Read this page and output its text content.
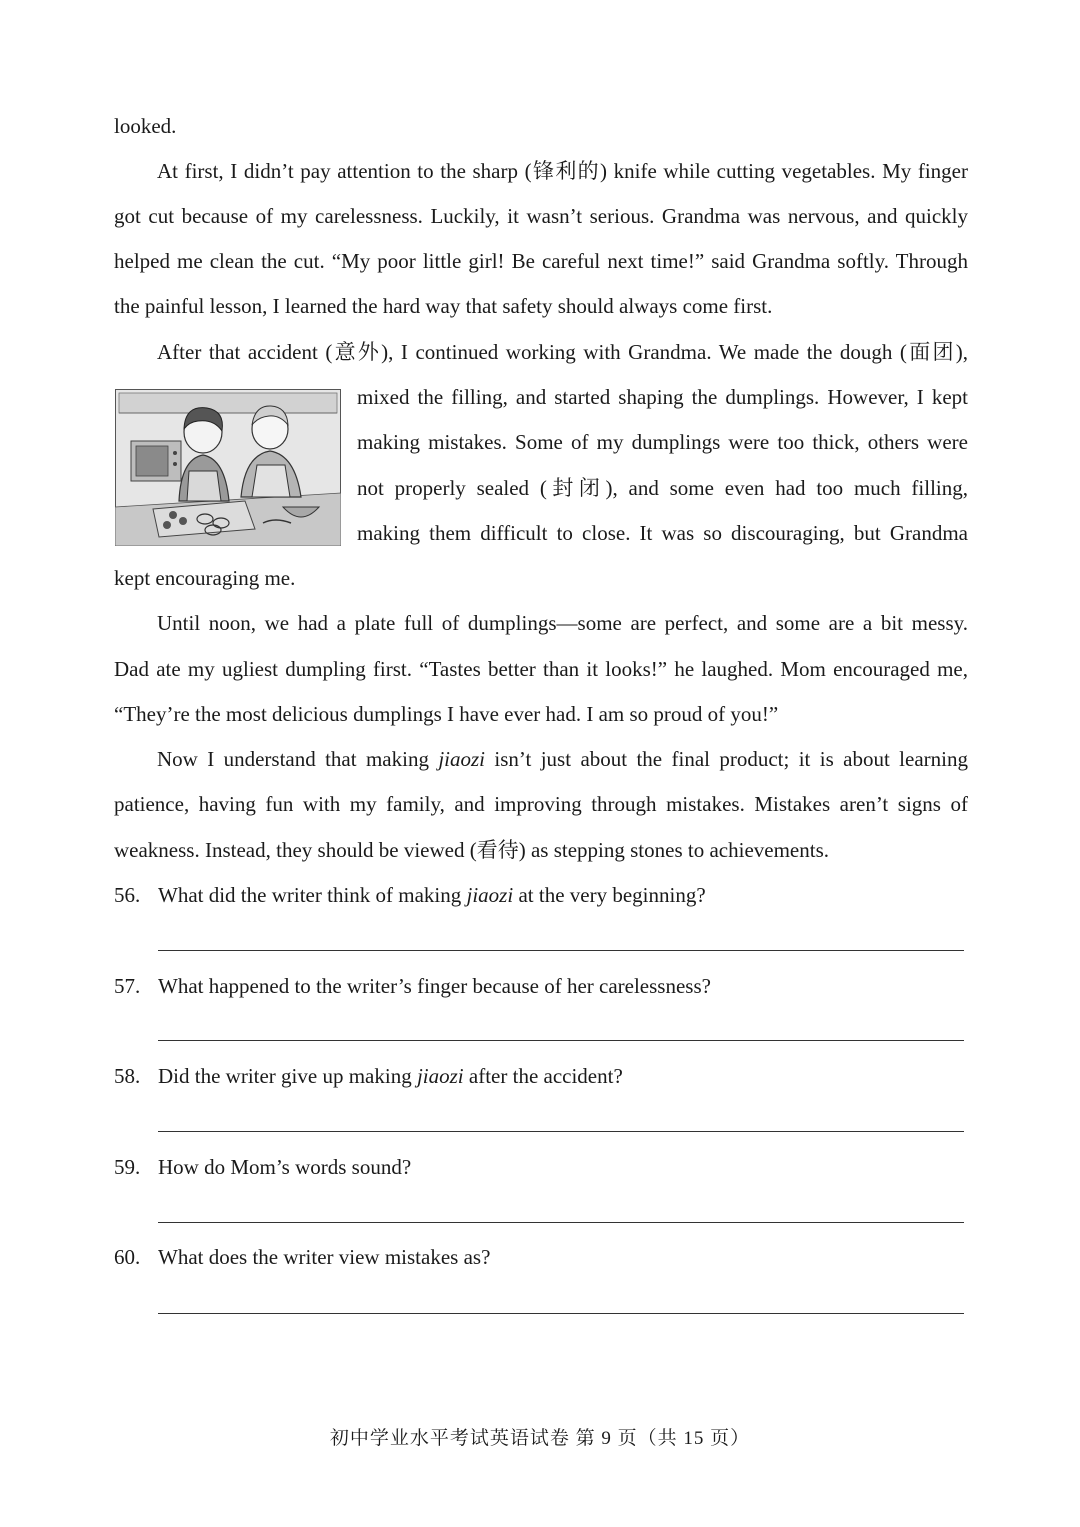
looked.
At first, I didn’t pay attention to the sharp (锋利的) knife while cutting vegetables. My finger
got cut because of my carelessness. Luckily, it wasn’t serious. Grandma was nervous, and quickly
helped me clean the cut. “My poor little girl! Be careful next time!” said Grandma softly. Through
the painful lesson, I learned the hard way that safety should always come first.
After that accident (意外), I continued working with Grandma. We made the dough (面团),
mixed the filling, and started shaping the dumplings. However, I kept
making mistakes. Some of my dumplings were too thick, others were
not properly sealed (封闭), and some even had too much filling,
making them difficult to close. It was so discouraging, but Grandma
kept encouraging me.
Until noon, we had a plate full of dumplings—some are perfect, and some are a bit messy.
Dad ate my ugliest dumpling first. “Tastes better than it looks!” he laughed. Mom encouraged me,
“They’re the most delicious dumplings I have ever had. I am so proud of you!”
Now I understand that making jiaozi isn’t just about the final product; it is about learning
patience, having fun with my family, and improving through mistakes. Mistakes aren’t signs of
weakness. Instead, they should be viewed (看待) as stepping stones to achievements.
56. What did the writer think of making jiaozi at the very beginning?
57. What happened to the writer’s finger because of her carelessness?
58. Did the writer give up making jiaozi after the accident?
59. How do Mom’s words sound?
60. What does the writer view mistakes as?
初中学业水平考试英语试卷 第 9 页（共 15 页）
